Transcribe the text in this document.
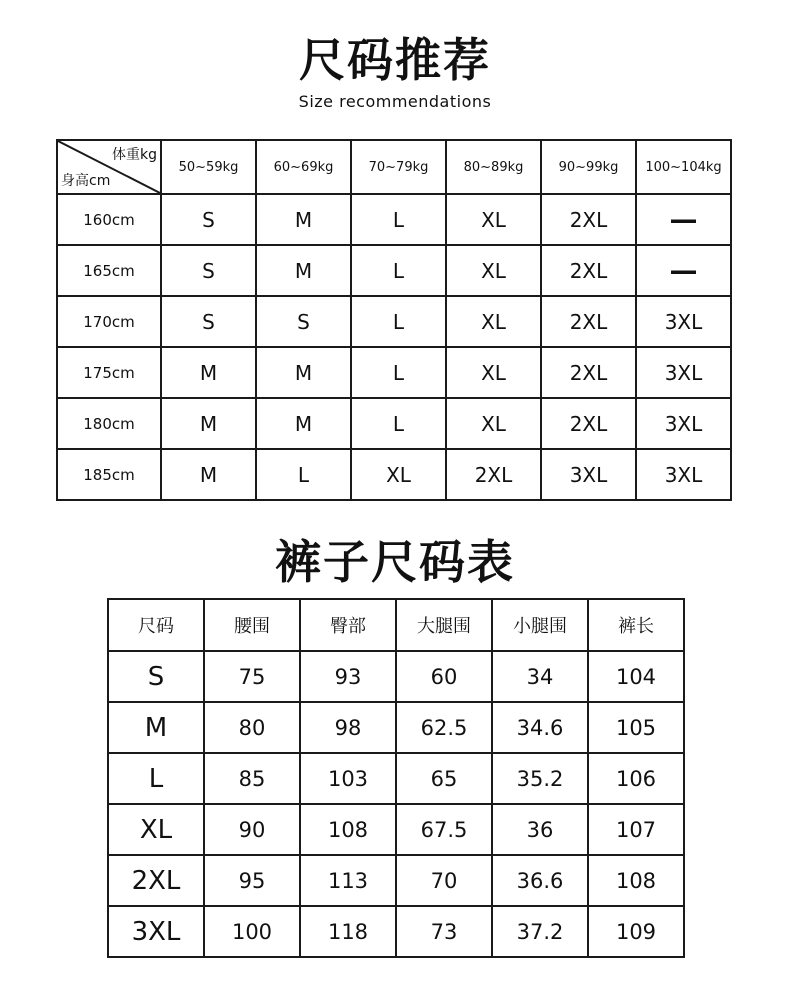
尺码推荐
Size recommendations
体重kg
身高cm	50~59kg	60~69kg	70~79kg	80~89kg	90~99kg	100~104kg
160cm	S	M	L	XL	2XL	—
165cm	S	M	L	XL	2XL	—
170cm	S	S	L	XL	2XL	3XL
175cm	M	M	L	XL	2XL	3XL
180cm	M	M	L	XL	2XL	3XL
185cm	M	L	XL	2XL	3XL	3XL
裤子尺码表
尺码	腰围	臀部	大腿围	小腿围	裤长
S	75	93	60	34	104
M	80	98	62.5	34.6	105
L	85	103	65	35.2	106
XL	90	108	67.5	36	107
2XL	95	113	70	36.6	108
3XL	100	118	73	37.2	109
